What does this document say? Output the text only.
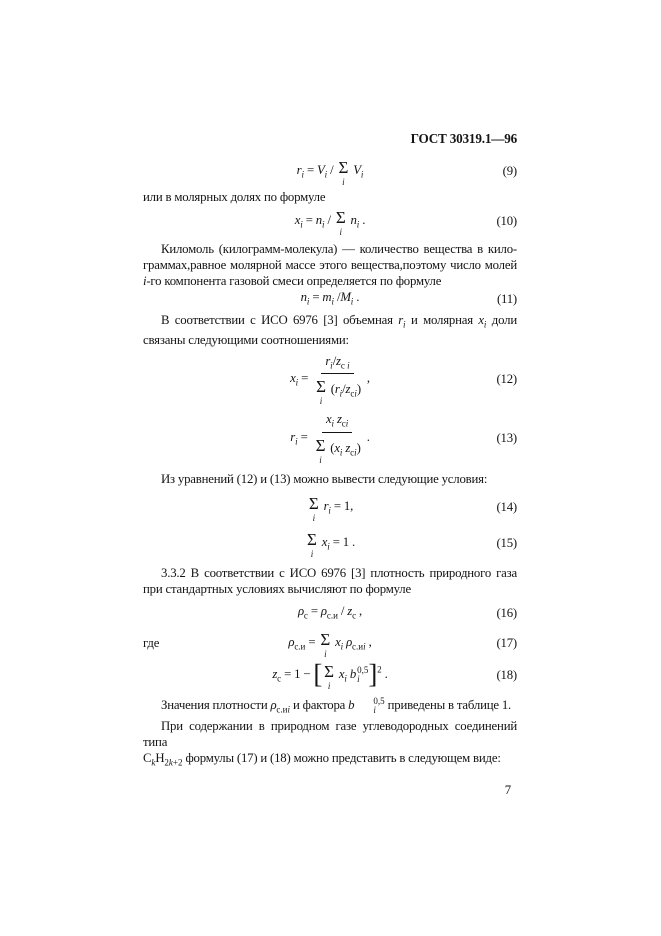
ГОСТ 30319.1—96
$r_i = V_i / \Sigma$
i
$V_i$	(9)

или в молярных долях по формуле

$x_i = n_i / \Sigma$
i
$n_i$ .	(10)

Киломоль (килограмм-молекула) — количество вещества в кило-
граммах,равное молярной массе этого вещества,поэтому число молей
i-го компонента газовой смеси определяется по формуле

$n_i = m_i$ $/M_i$ .	(11)

В соответствии с ИСО 6976 [3] объемная $r_i$ и молярная $x_i$ доли
связаны следующими соотношениями:

$x_i = r_i/z_с$ $_i$
Σ
i
$(r_i/z_{сi})$ ,	(12)
$r_i = x_i$ $z_{сi}$
Σ
i
($x_i$ $z_{сi}$) .	(13)

Из уравнений (12) и (13) можно вывести следующие условия:

Σ
i
$r_i = 1$,	(14)
Σ
i
$x_i = 1$ .	(15)

3.3.2 В соответствии с ИСО 6976 [3] плотность природного газа
при стандартных условиях вычисляют по формуле

$\rho_с = \rho_{с.и} / z_с$ ,	(16)
где	$\rho_{с.и} = \Sigma$
i
$x_i$ $\rho_{с.иi}$ ,	(17)
$z_с = 1$ − [ Σ
i
$x_i$ b 0,5
i ]$^2$ .	(18)

Значения плотности $\rho_{с.иi}$ и фактора b	0,5
i приведены в таблице 1.

При содержании в природном газе углеводородных соединений типа
$C_kH_{2k+2}$ формулы (17) и (18) можно представить в следующем виде:

7
